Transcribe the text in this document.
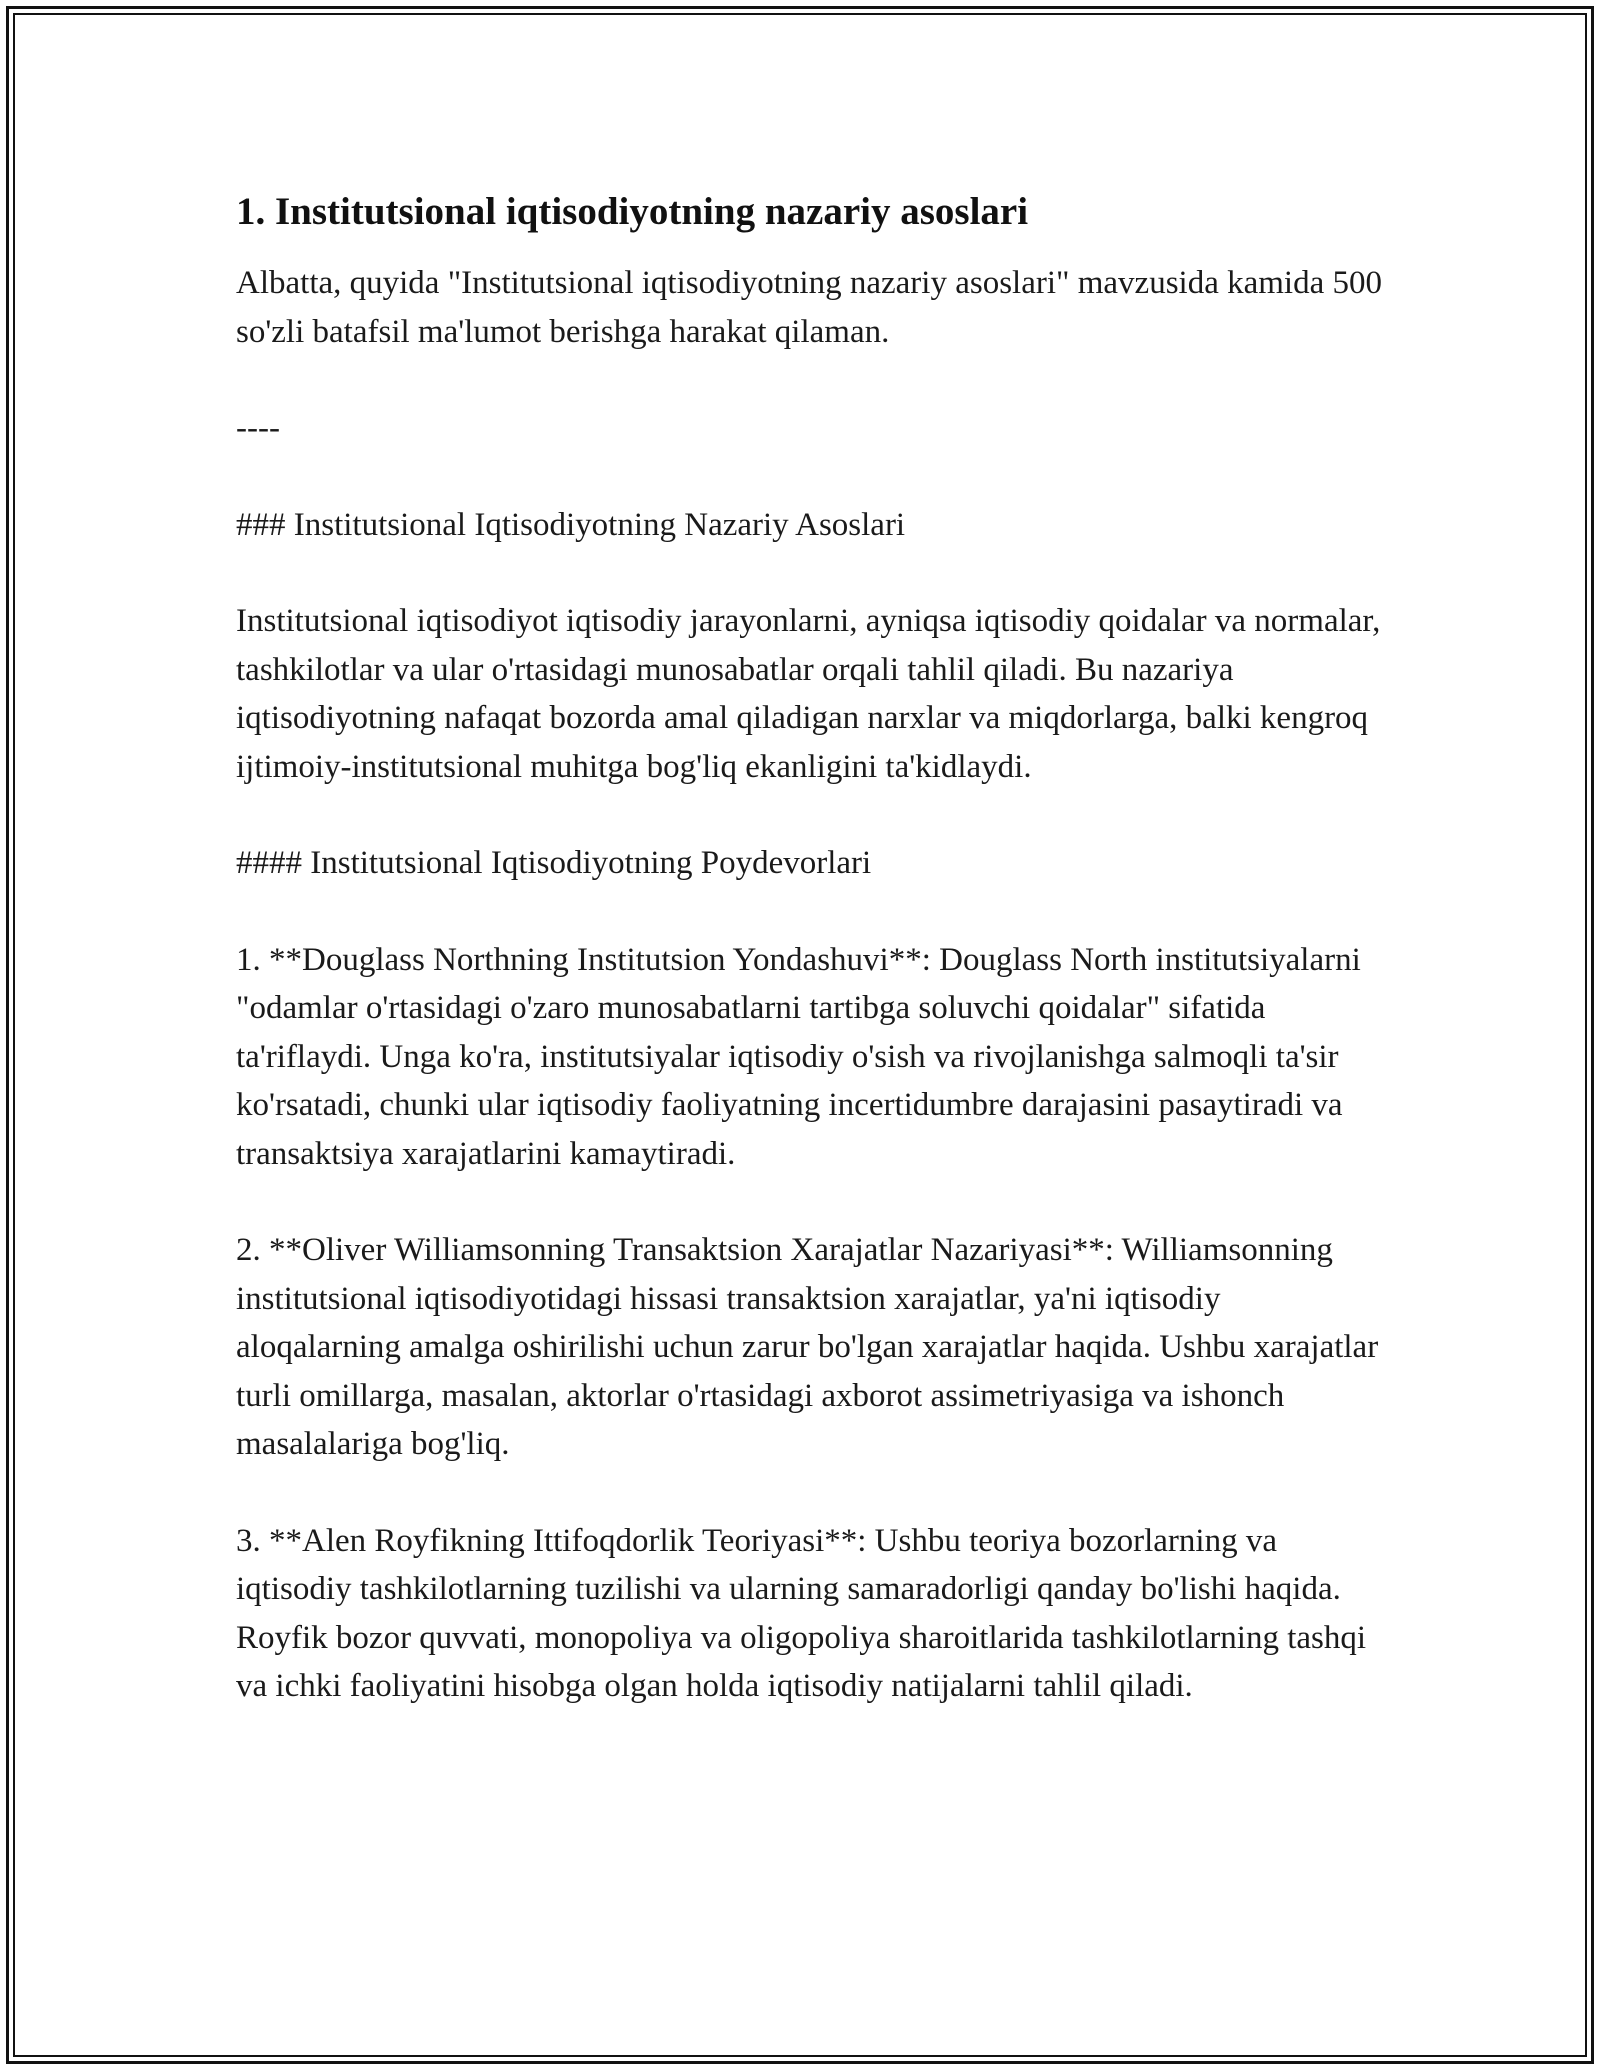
1. Institutsional iqtisodiyotning nazariy asoslari

Albatta, quyida "Institutsional iqtisodiyotning nazariy asoslari" mavzusida kamida 500 so'zli batafsil ma'lumot berishga harakat qilaman.

----

### Institutsional Iqtisodiyotning Nazariy Asoslari

Institutsional iqtisodiyot iqtisodiy jarayonlarni, ayniqsa iqtisodiy qoidalar va normalar, tashkilotlar va ular o'rtasidagi munosabatlar orqali tahlil qiladi. Bu nazariya iqtisodiyotning nafaqat bozorda amal qiladigan narxlar va miqdorlarga, balki kengroq ijtimoiy-institutsional muhitga bog'liq ekanligini ta'kidlaydi.

#### Institutsional Iqtisodiyotning Poydevorlari

1. **Douglass Northning Institutsion Yondashuvi**: Douglass North institutsiyalarni "odamlar o'rtasidagi o'zaro munosabatlarni tartibga soluvchi qoidalar" sifatida ta'riflaydi. Unga ko'ra, institutsiyalar iqtisodiy o'sish va rivojlanishga salmoqli ta'sir ko'rsatadi, chunki ular iqtisodiy faoliyatning incertidumbre darajasini pasaytiradi va transaktsiya xarajatlarini kamaytiradi.

2. **Oliver Williamsonning Transaktsion Xarajatlar Nazariyasi**: Williamsonning institutsional iqtisodiyotidagi hissasi transaktsion xarajatlar, ya'ni iqtisodiy aloqalarning amalga oshirilishi uchun zarur bo'lgan xarajatlar haqida. Ushbu xarajatlar turli omillarga, masalan, aktorlar o'rtasidagi axborot assimetriyasiga va ishonch masalalariga bog'liq.

3. **Alen Royfikning Ittifoqdorlik Teoriyasi**: Ushbu teoriya bozorlarning va iqtisodiy tashkilotlarning tuzilishi va ularning samaradorligi qanday bo'lishi haqida. Royfik bozor quvvati, monopoliya va oligopoliya sharoitlarida tashkilotlarning tashqi va ichki faoliyatini hisobga olgan holda iqtisodiy natijalarni tahlil qiladi.
